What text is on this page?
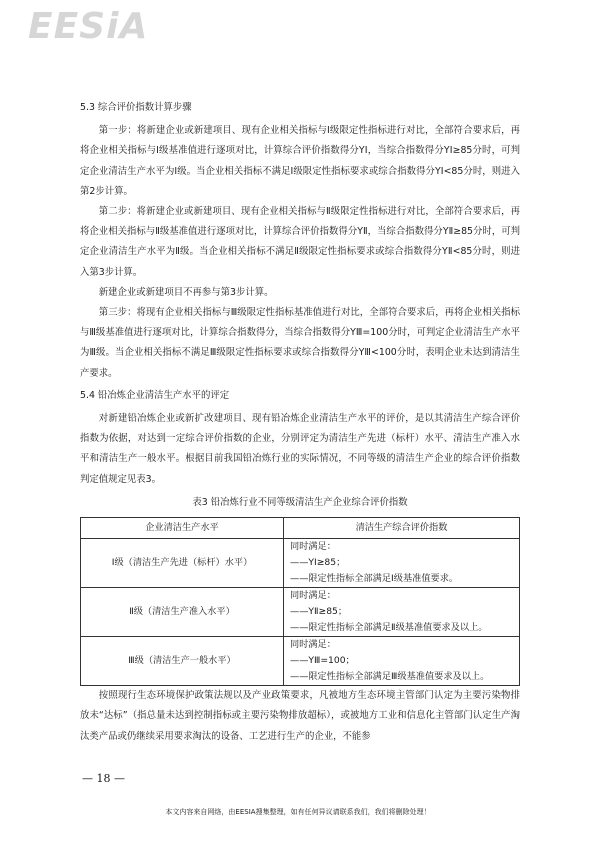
EESiA
5.3 综合评价指数计算步骤

第一步：将新建企业或新建项目、现有企业相关指标与Ⅰ级限定性指标进行对比，全部符合要求后，再将企业相关指标与Ⅰ级基准值进行逐项对比，计算综合评价指数得分YⅠ，当综合指数得分YⅠ≥85分时，可判定企业清洁生产水平为Ⅰ级。当企业相关指标不满足Ⅰ级限定性指标要求或综合指数得分YⅠ<85分时，则进入第2步计算。

第二步：将新建企业或新建项目、现有企业相关指标与Ⅱ级限定性指标进行对比，全部符合要求后，再将企业相关指标与Ⅱ级基准值进行逐项对比，计算综合评价指数得分YⅡ，当综合指数得分YⅡ≥85分时，可判定企业清洁生产水平为Ⅱ级。当企业相关指标不满足Ⅱ级限定性指标要求或综合指数得分YⅡ<85分时，则进入第3步计算。

新建企业或新建项目不再参与第3步计算。

第三步：将现有企业相关指标与Ⅲ级限定性指标基准值进行对比，全部符合要求后，再将企业相关指标与Ⅲ级基准值进行逐项对比，计算综合指数得分，当综合指数得分YⅢ=100分时，可判定企业清洁生产水平为Ⅲ级。当企业相关指标不满足Ⅲ级限定性指标要求或综合指数得分YⅢ<100分时，表明企业未达到清洁生产要求。

5.4 铅冶炼企业清洁生产水平的评定

对新建铅冶炼企业或新扩改建项目、现有铅冶炼企业清洁生产水平的评价，是以其清洁生产综合评价指数为依据，对达到一定综合评价指数的企业，分别评定为清洁生产先进（标杆）水平、清洁生产准入水平和清洁生产一般水平。根据目前我国铅冶炼行业的实际情况，不同等级的清洁生产企业的综合评价指数判定值规定见表3。

表3 铅冶炼行业不同等级清洁生产企业综合评价指数
企业清洁生产水平	清洁生产综合评价指数
Ⅰ级（清洁生产先进（标杆）水平）	同时满足：
——YⅠ≥85；
——限定性指标全部满足Ⅰ级基准值要求。

Ⅱ级（清洁生产准入水平）	同时满足：
——YⅡ≥85；
——限定性指标全部满足Ⅱ级基准值要求及以上。

Ⅲ级（清洁生产一般水平）	同时满足：
——YⅢ=100；
——限定性指标全部满足Ⅲ级基准值要求及以上。

按照现行生态环境保护政策法规以及产业政策要求，凡被地方生态环境主管部门认定为主要污染物排放未“达标”（指总量未达到控制指标或主要污染物排放超标），或被地方工业和信息化主管部门认定生产淘汰类产品或仍继续采用要求淘汰的设备、工艺进行生产的企业，不能参

— 18 —
本文内容来自网络，由EESIA搜集整理，如有任何异议请联系我们，我们将删除处理！
